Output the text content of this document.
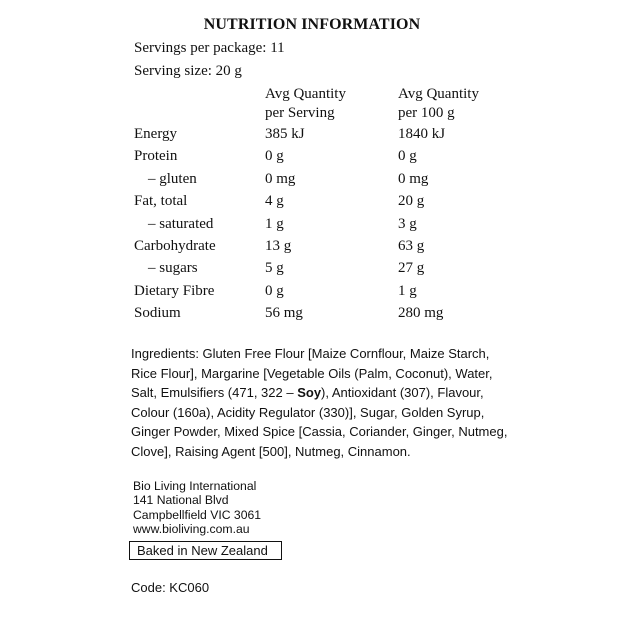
NUTRITION INFORMATION
Servings per package: 11
Serving size: 20 g
Avg Quantity
per Serving
Avg Quantity
per 100 g
Energy	385 kJ	1840 kJ
Protein	0 g	0 g
– gluten	0 mg	0 mg
Fat, total	4 g	20 g
– saturated	1 g	3 g
Carbohydrate	13 g	63 g
– sugars	5 g	27 g
Dietary Fibre	0 g	1 g
Sodium	56 mg	280 mg
Ingredients: Gluten Free Flour [Maize Cornflour, Maize Starch, Rice Flour], Margarine [Vegetable Oils (Palm, Coconut), Water, Salt, Emulsifiers (471, 322 – Soy), Antioxidant (307), Flavour, Colour (160a), Acidity Regulator (330)], Sugar, Golden Syrup, Ginger Powder, Mixed Spice [Cassia, Coriander, Ginger, Nutmeg, Clove], Raising Agent [500], Nutmeg, Cinnamon.
Bio Living International
141 National Blvd
Campbellfield VIC 3061
www.bioliving.com.au
Baked in New Zealand
Code: KC060
